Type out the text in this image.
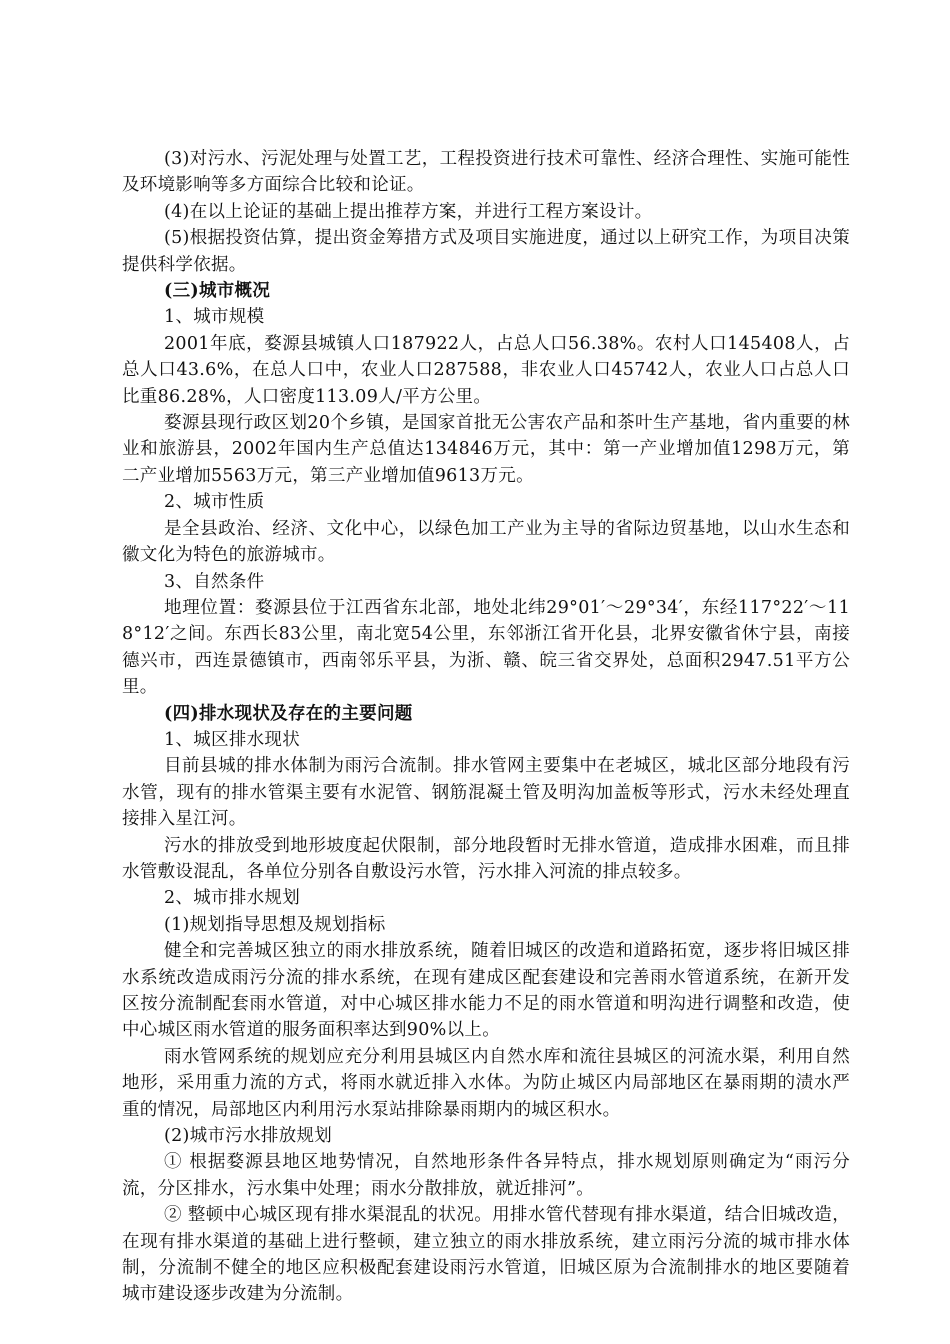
(3)对污水、污泥处理与处置工艺，工程投资进行技术可靠性、经济合理性、实施可能性及环境影响等多方面综合比较和论证。

(4)在以上论证的基础上提出推荐方案，并进行工程方案设计。

(5)根据投资估算，提出资金筹措方式及项目实施进度，通过以上研究工作，为项目决策提供科学依据。

(三)城市概况

1、城市规模

2001年底，婺源县城镇人口187922人，占总人口56.38%。农村人口145408人，占总人口43.6%，在总人口中，农业人口287588，非农业人口45742人，农业人口占总人口比重86.28%，人口密度113.09人/平方公里。

婺源县现行政区划20个乡镇，是国家首批无公害农产品和茶叶生产基地，省内重要的林业和旅游县，2002年国内生产总值达134846万元，其中：第一产业增加值1298万元，第二产业增加5563万元，第三产业增加值9613万元。

2、城市性质

是全县政治、经济、文化中心，以绿色加工产业为主导的省际边贸基地，以山水生态和徽文化为特色的旅游城市。

3、自然条件

地理位置：婺源县位于江西省东北部，地处北纬29°01′～29°34′，东经117°22′～118°12′之间。东西长83公里，南北宽54公里，东邻浙江省开化县，北界安徽省休宁县，南接德兴市，西连景德镇市，西南邻乐平县，为浙、赣、皖三省交界处，总面积2947.51平方公里。

(四)排水现状及存在的主要问题

1、城区排水现状

目前县城的排水体制为雨污合流制。排水管网主要集中在老城区，城北区部分地段有污水管，现有的排水管渠主要有水泥管、钢筋混凝土管及明沟加盖板等形式，污水未经处理直接排入星江河。

污水的排放受到地形坡度起伏限制，部分地段暂时无排水管道，造成排水困难，而且排水管敷设混乱，各单位分别各自敷设污水管，污水排入河流的排点较多。

2、城市排水规划

(1)规划指导思想及规划指标

健全和完善城区独立的雨水排放系统，随着旧城区的改造和道路拓宽，逐步将旧城区排水系统改造成雨污分流的排水系统，在现有建成区配套建设和完善雨水管道系统，在新开发区按分流制配套雨水管道，对中心城区排水能力不足的雨水管道和明沟进行调整和改造，使中心城区雨水管道的服务面积率达到90%以上。

雨水管网系统的规划应充分利用县城区内自然水库和流往县城区的河流水渠，利用自然地形，采用重力流的方式，将雨水就近排入水体。为防止城区内局部地区在暴雨期的渍水严重的情况，局部地区内利用污水泵站排除暴雨期内的城区积水。

(2)城市污水排放规划

① 根据婺源县地区地势情况，自然地形条件各异特点，排水规划原则确定为“雨污分流，分区排水，污水集中处理；雨水分散排放，就近排河”。

② 整顿中心城区现有排水渠混乱的状况。用排水管代替现有排水渠道，结合旧城改造，在现有排水渠道的基础上进行整顿，建立独立的雨水排放系统，建立雨污分流的城市排水体制，分流制不健全的地区应积极配套建设雨污水管道，旧城区原为合流制排水的地区要随着城市建设逐步改建为分流制。
